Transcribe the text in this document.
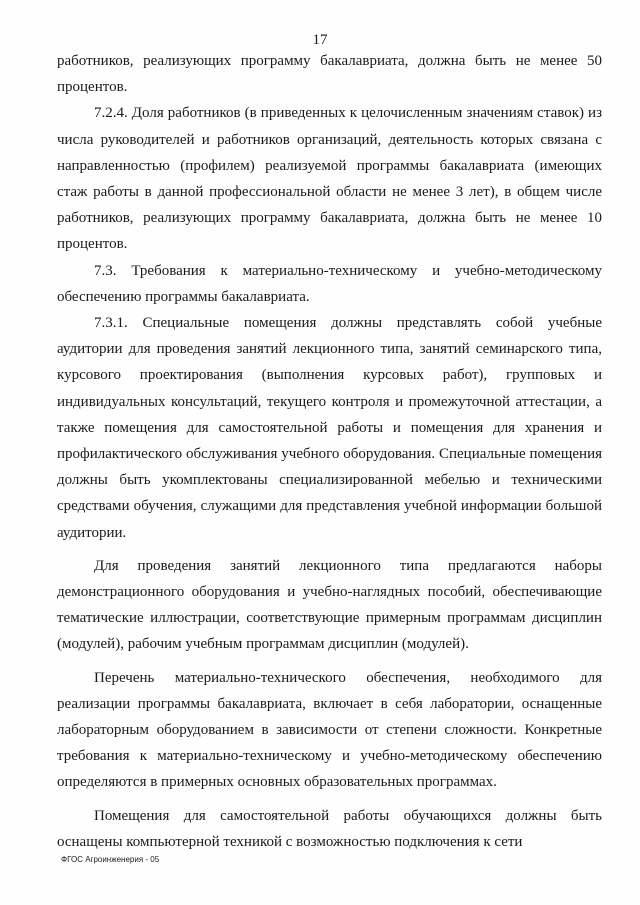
17

работников, реализующих программу бакалавриата, должна быть не менее 50 процентов.

7.2.4. Доля работников (в приведенных к целочисленным значениям ставок) из числа руководителей и работников организаций, деятельность которых связана с направленностью (профилем) реализуемой программы бакалавриата (имеющих стаж работы в данной профессиональной области не менее 3 лет), в общем числе работников, реализующих программу бакалавриата, должна быть не менее 10 процентов.

7.3. Требования к материально-техническому и учебно-методическому обеспечению программы бакалавриата.

7.3.1. Специальные помещения должны представлять собой учебные аудитории для проведения занятий лекционного типа, занятий семинарского типа, курсового проектирования (выполнения курсовых работ), групповых и индивидуальных консультаций, текущего контроля и промежуточной аттестации, а также помещения для самостоятельной работы и помещения для хранения и профилактического обслуживания учебного оборудования. Специальные помещения должны быть укомплектованы специализированной мебелью и техническими средствами обучения, служащими для представления учебной информации большой аудитории.

Для проведения занятий лекционного типа предлагаются наборы демонстрационного оборудования и учебно-наглядных пособий, обеспечивающие тематические иллюстрации, соответствующие примерным программам дисциплин (модулей), рабочим учебным программам дисциплин (модулей).

Перечень материально-технического обеспечения, необходимого для реализации программы бакалавриата, включает в себя лаборатории, оснащенные лабораторным оборудованием в зависимости от степени сложности. Конкретные требования к материально-техническому и учебно-методическому обеспечению определяются в примерных основных образовательных программах.

Помещения для самостоятельной работы обучающихся должны быть оснащены компьютерной техникой с возможностью подключения к сети

ФГОС Агроинженерия - 05
